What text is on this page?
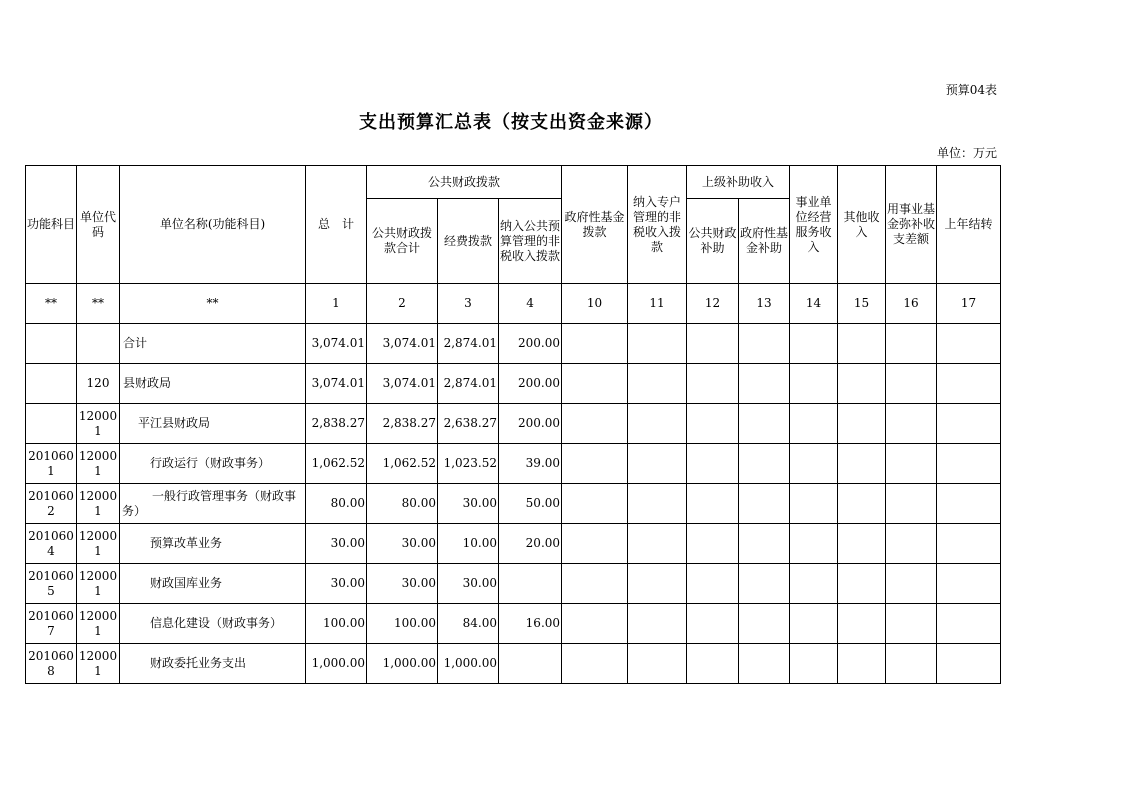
预算04表
支出预算汇总表（按支出资金来源）
单位：万元
功能科目	单位代码	单位名称(功能科目)	总　计	公共财政拨款			政府性基金拨款	纳入专户管理的非税收入拨款	上级补助收入		事业单位经营服务收入	其他收入	用事业基金弥补收支差额	上年结转
				公共财政拨款合计	经费拨款	纳入公共预算管理的非税收入拨款			公共财政补助	政府性基金补助				
**	**	**	1	2	3	4	10	11	12	13	14	15	16	17
		合计	3,074.01	3,074.01	2,874.01	200.00								
	120	县财政局	3,074.01	3,074.01	2,874.01	200.00								
	120001	平江县财政局	2,838.27	2,838.27	2,638.27	200.00								
2010601	120001	行政运行（财政事务）	1,062.52	1,062.52	1,023.52	39.00								
2010602	120001	一般行政管理事务（财政事务）	80.00	80.00	30.00	50.00								
2010604	120001	预算改革业务	30.00	30.00	10.00	20.00								
2010605	120001	财政国库业务	30.00	30.00	30.00									
2010607	120001	信息化建设（财政事务）	100.00	100.00	84.00	16.00								
2010608	120001	财政委托业务支出	1,000.00	1,000.00	1,000.00									
